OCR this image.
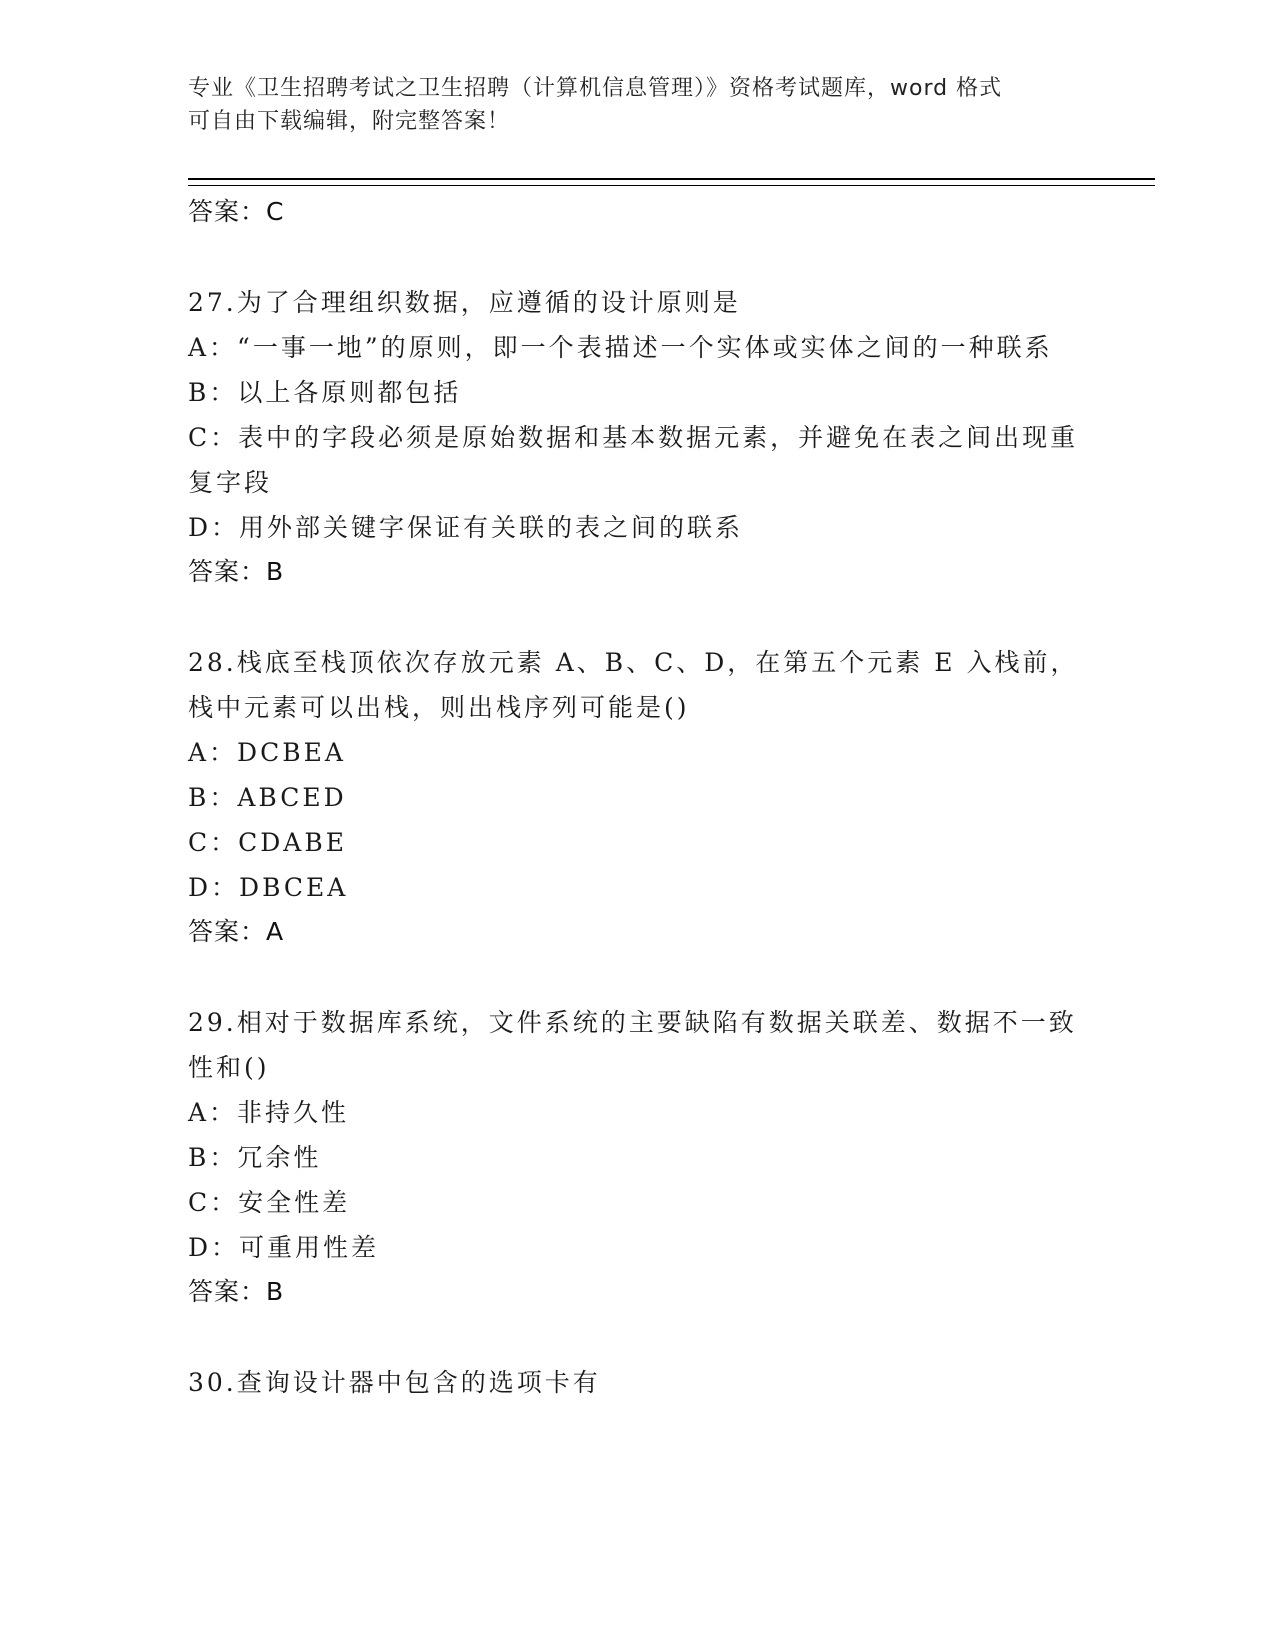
专业《卫生招聘考试之卫生招聘（计算机信息管理）》资格考试题库，word 格式
可自由下载编辑，附完整答案！
答案：C
27.为了合理组织数据，应遵循的设计原则是
A：“一事一地”的原则，即一个表描述一个实体或实体之间的一种联系
B：以上各原则都包括
C：表中的字段必须是原始数据和基本数据元素，并避免在表之间出现重复字段
D：用外部关键字保证有关联的表之间的联系
答案：B
28.栈底至栈顶依次存放元素 A、B、C、D，在第五个元素 E 入栈前，栈中元素可以出栈，则出栈序列可能是()
A：DCBEA
B：ABCED
C：CDABE
D：DBCEA
答案：A
29.相对于数据库系统，文件系统的主要缺陷有数据关联差、数据不一致性和()
A：非持久性
B：冗余性
C：安全性差
D：可重用性差
答案：B
30.查询设计器中包含的选项卡有
